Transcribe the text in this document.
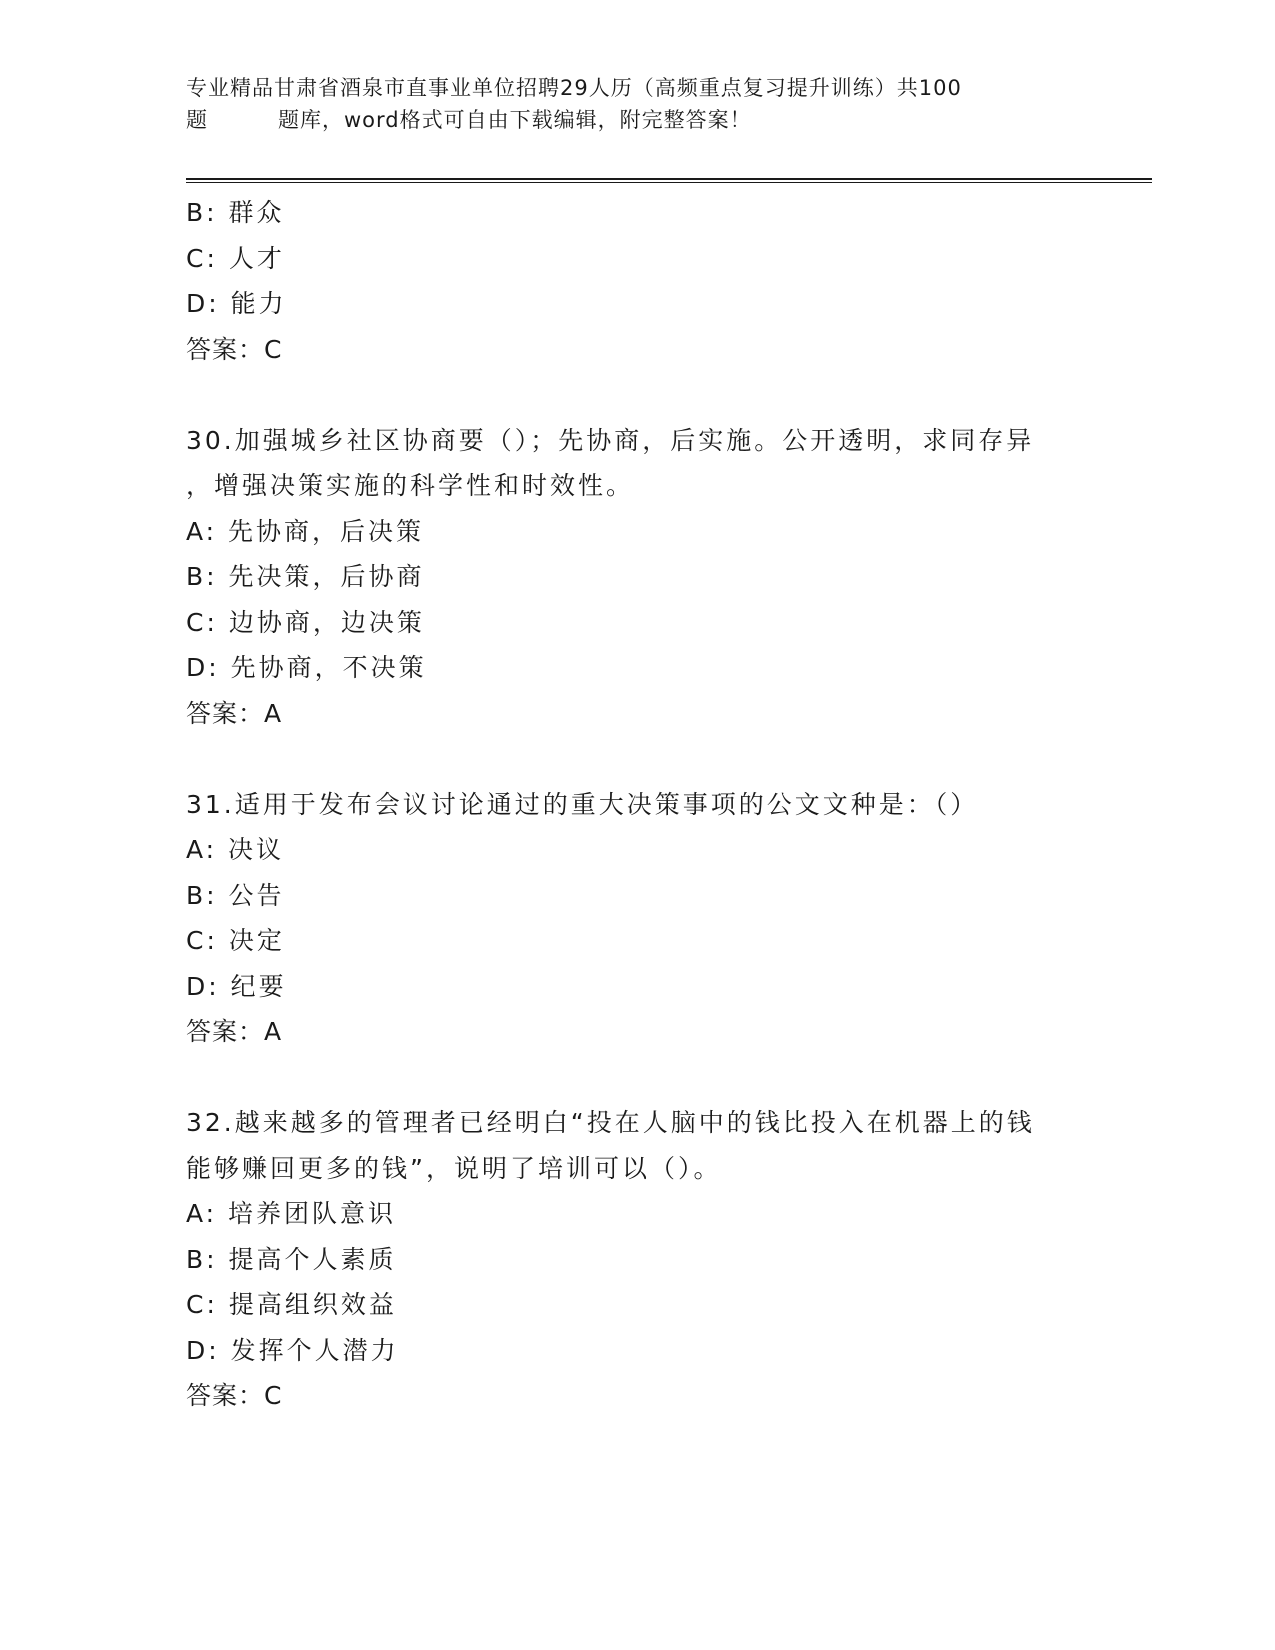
专业精品甘肃省酒泉市直事业单位招聘29人历（高频重点复习提升训练）共100
题	题库，word格式可自由下载编辑，附完整答案！
B: 群众
C: 人才
D: 能力
答案：C
30.加强城乡社区协商要（）；先协商，后实施。公开透明，求同存异
，增强决策实施的科学性和时效性。
A: 先协商，后决策
B: 先决策，后协商
C: 边协商，边决策
D: 先协商，不决策
答案：A
31.适用于发布会议讨论通过的重大决策事项的公文文种是：（）
A: 决议
B: 公告
C: 决定
D: 纪要
答案：A
32.越来越多的管理者已经明白“投在人脑中的钱比投入在机器上的钱
能够赚回更多的钱”，说明了培训可以（）。
A: 培养团队意识
B: 提高个人素质
C: 提高组织效益
D: 发挥个人潜力
答案：C
